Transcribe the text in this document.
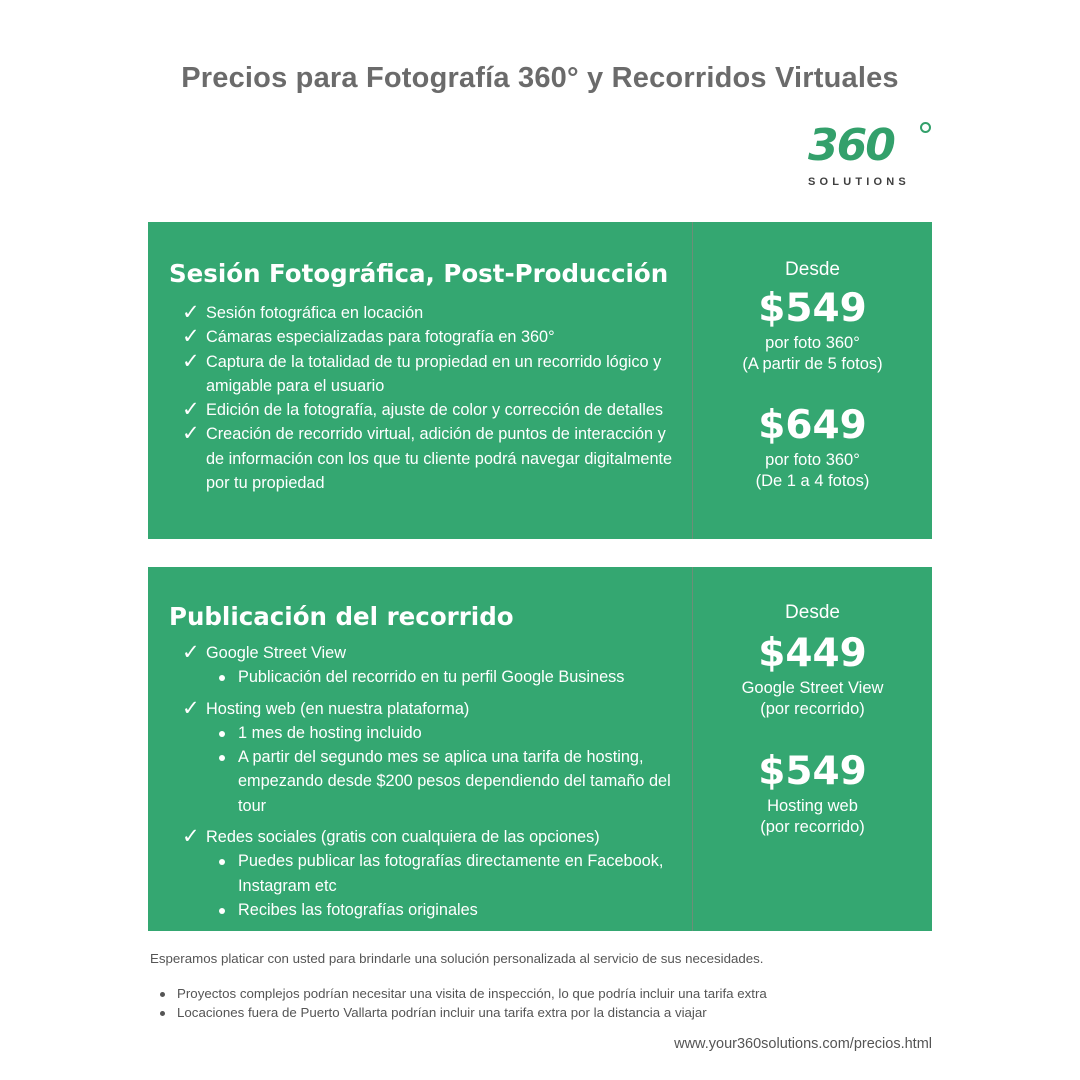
Precios para Fotografía 360° y Recorridos Virtuales
360
SOLUTIONS
Sesión Fotográfica, Post-Producción
✓ Sesión fotográfica en locación
✓ Cámaras especializadas para fotografía en 360°
✓ Captura de la totalidad de tu propiedad en un recorrido lógico y amigable para el usuario
✓ Edición de la fotografía, ajuste de color y corrección de detalles
✓ Creación de recorrido virtual, adición de puntos de interacción y de información con los que tu cliente podrá navegar digitalmente por tu propiedad
Desde
$549
por foto 360°
(A partir de 5 fotos)
$649
por foto 360°
(De 1 a 4 fotos)
Publicación del recorrido
✓ Google Street View
Publicación del recorrido en tu perfil Google Business
✓ Hosting web (en nuestra plataforma)
1 mes de hosting incluido
A partir del segundo mes se aplica una tarifa de hosting, empezando desde $200 pesos dependiendo del tamaño del tour
✓ Redes sociales (gratis con cualquiera de las opciones)
Puedes publicar las fotografías directamente en Facebook, Instagram etc
Recibes las fotografías originales
Desde
$449
Google Street View
(por recorrido)
$549
Hosting web
(por recorrido)
Esperamos platicar con usted para brindarle una solución personalizada al servicio de sus necesidades.
Proyectos complejos podrían necesitar una visita de inspección, lo que podría incluir una tarifa extra
Locaciones fuera de Puerto Vallarta podrían incluir una tarifa extra por la distancia a viajar
www.your360solutions.com/precios.html
